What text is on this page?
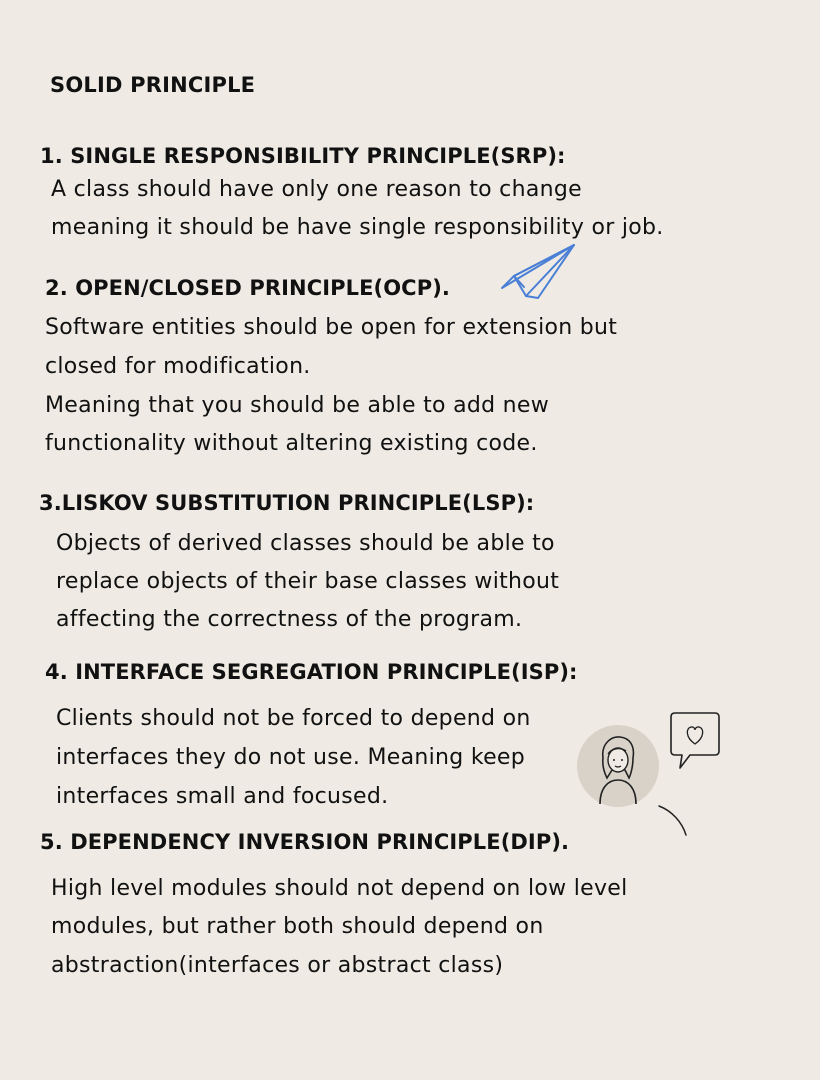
SOLID PRINCIPLE
1. SINGLE RESPONSIBILITY PRINCIPLE(SRP):
A class should have only one reason to change
meaning it should be have single responsibility or job.
2. OPEN/CLOSED PRINCIPLE(OCP).
Software entities should be open for extension but
closed for modification.
Meaning that you should be able to add new
functionality without altering existing code.
3.LISKOV SUBSTITUTION PRINCIPLE(LSP):
Objects of derived classes should be able to
replace objects of their base classes without
affecting the correctness of the program.
4. INTERFACE SEGREGATION PRINCIPLE(ISP):
Clients should not be forced to depend on
interfaces they do not use. Meaning keep
interfaces small and focused.
5. DEPENDENCY INVERSION PRINCIPLE(DIP).
High level modules should not depend on low level
modules, but rather both should depend on
abstraction(interfaces or abstract class)
